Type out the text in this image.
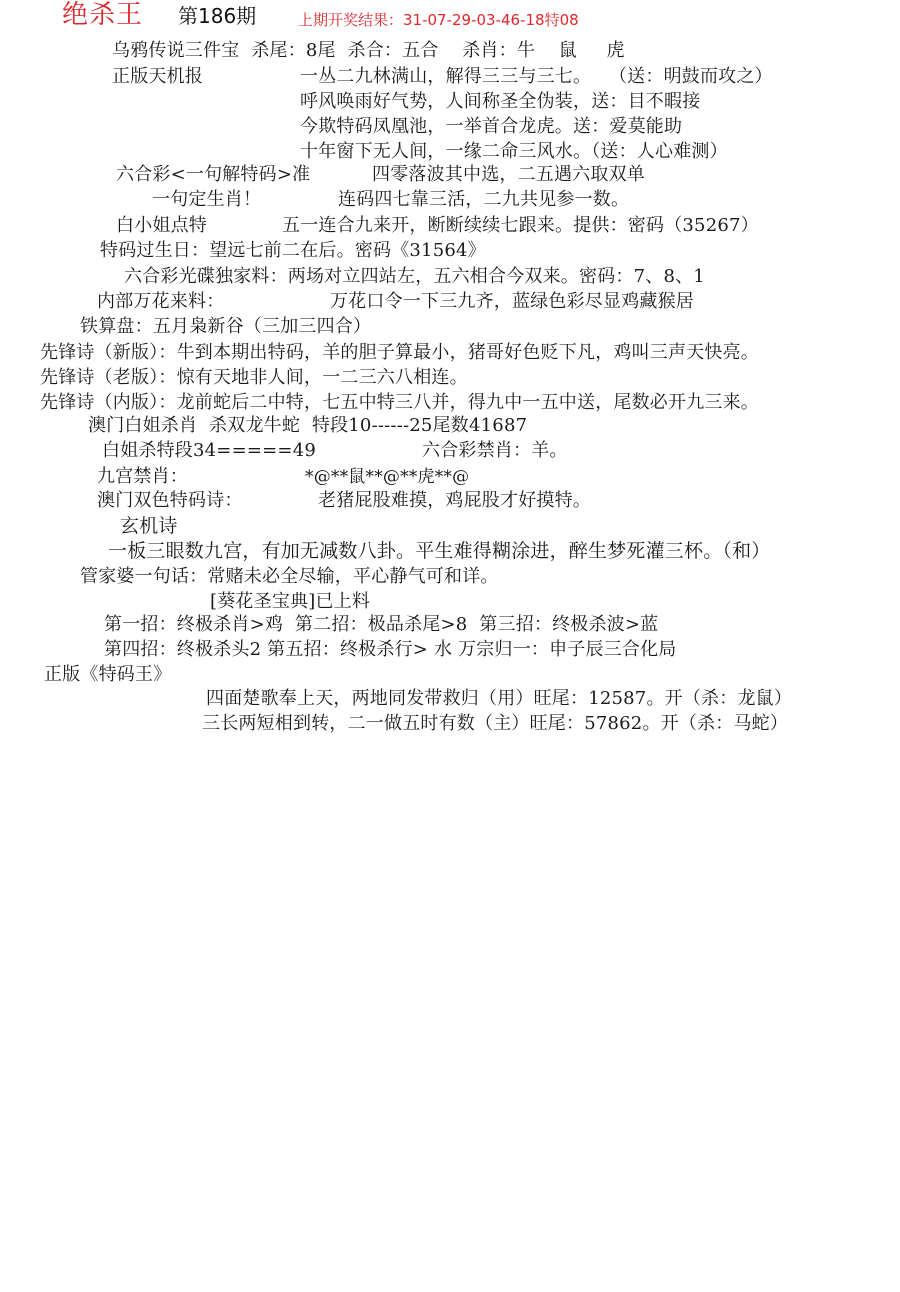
绝杀王 第186期	上期开奖结果：31-07-29-03-46-18特08
乌鸦传说三件宝  杀尾：8尾  杀合：五合    杀肖：牛    鼠     虎
正版天机报	一丛二九林满山，解得三三与三七。   （送：明鼓而攻之）
呼风唤雨好气势，人间称圣全伪装，送：目不暇接
今欺特码凤凰池，一举首合龙虎。送：爱莫能助
十年窗下无人间，一缘二命三风水。（送：人心难测）
六合彩<一句解特码>准	四零落波其中选，二五遇六取双单
一句定生肖！	连码四七靠三活，二九共见参一数。
白小姐点特	五一连合九来开，断断续续七跟来。提供：密码（35267）
特码过生日：望远七前二在后。密码《31564》
六合彩光碟独家料：两场对立四站左，五六相合今双来。密码：7、8、1
内部万花来料：	万花口令一下三九齐，蓝绿色彩尽显鸡藏猴居
铁算盘：五月枭新谷（三加三四合）
先锋诗（新版）：牛到本期出特码，羊的胆子算最小，猪哥好色贬下凡，鸡叫三声天快亮。
先锋诗（老版）：惊有天地非人间，一二三六八相连。
先锋诗（内版）：龙前蛇后二中特，七五中特三八并，得九中一五中送，尾数必开九三来。
澳门白姐杀肖  杀双龙牛蛇  特段10------25尾数41687
白姐杀特段34=====49	六合彩禁肖：羊。
九宫禁肖：	*@**鼠**@**虎**@
澳门双色特码诗：	老猪屁股难摸，鸡屁股才好摸特。
玄机诗
一板三眼数九宫，有加无减数八卦。平生难得糊涂进，醉生梦死灌三杯。（和）
管家婆一句话：常赌未必全尽输，平心静气可和详。
[葵花圣宝典]已上料
第一招：终极杀肖>鸡  第二招：极品杀尾>8  第三招：终极杀波>蓝
第四招：终极杀头2 第五招：终极杀行> 水 万宗归一：申子辰三合化局
正版《特码王》
四面楚歌奉上天，两地同发带救归（用）旺尾：12587。开（杀：龙鼠）
三长两短相到转，二一做五时有数（主）旺尾：57862。开（杀：马蛇）
